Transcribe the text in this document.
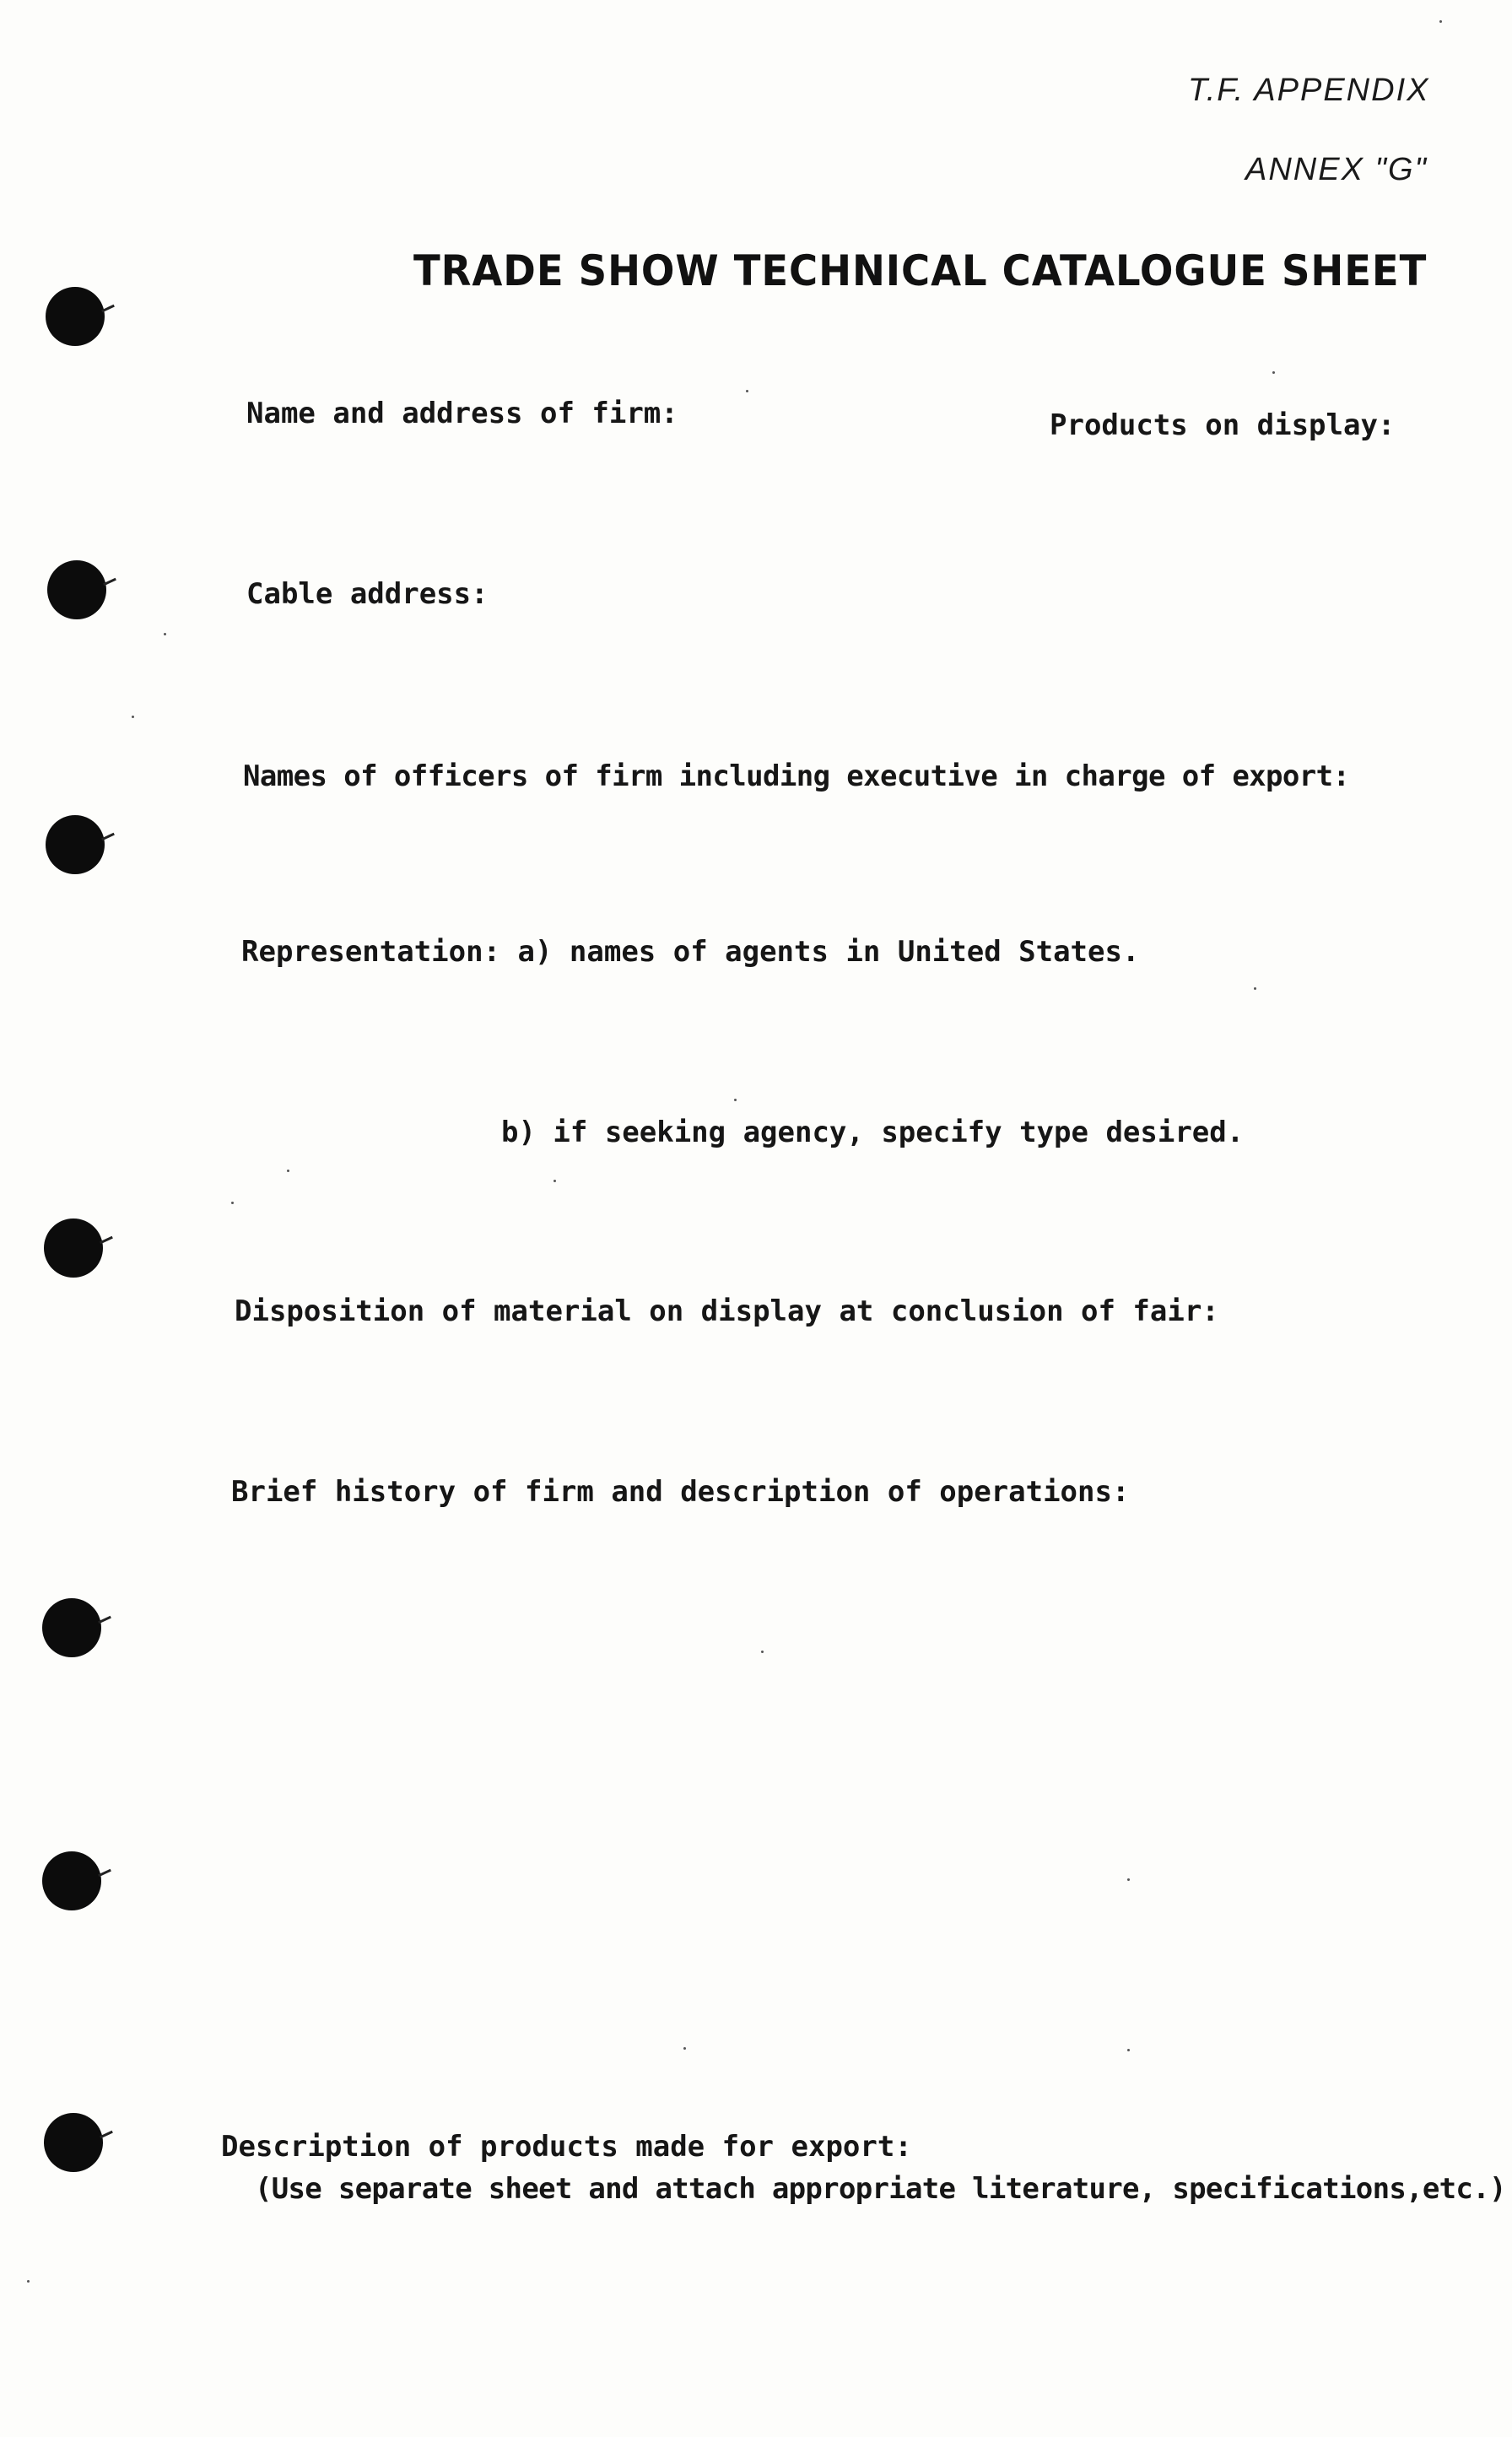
T.F. APPENDIX
ANNEX "G"
TRADE SHOW TECHNICAL CATALOGUE SHEET
Name and address of firm:	Products on display:
Cable address:
Names of officers of firm including executive in charge of export:
Representation: a) names of agents in United States.
b) if seeking agency, specify type desired.
Disposition of material on display at conclusion of fair:
Brief history of firm and description of operations:
Description of products made for export:
(Use separate sheet and attach appropriate literature, specifications,etc.)
